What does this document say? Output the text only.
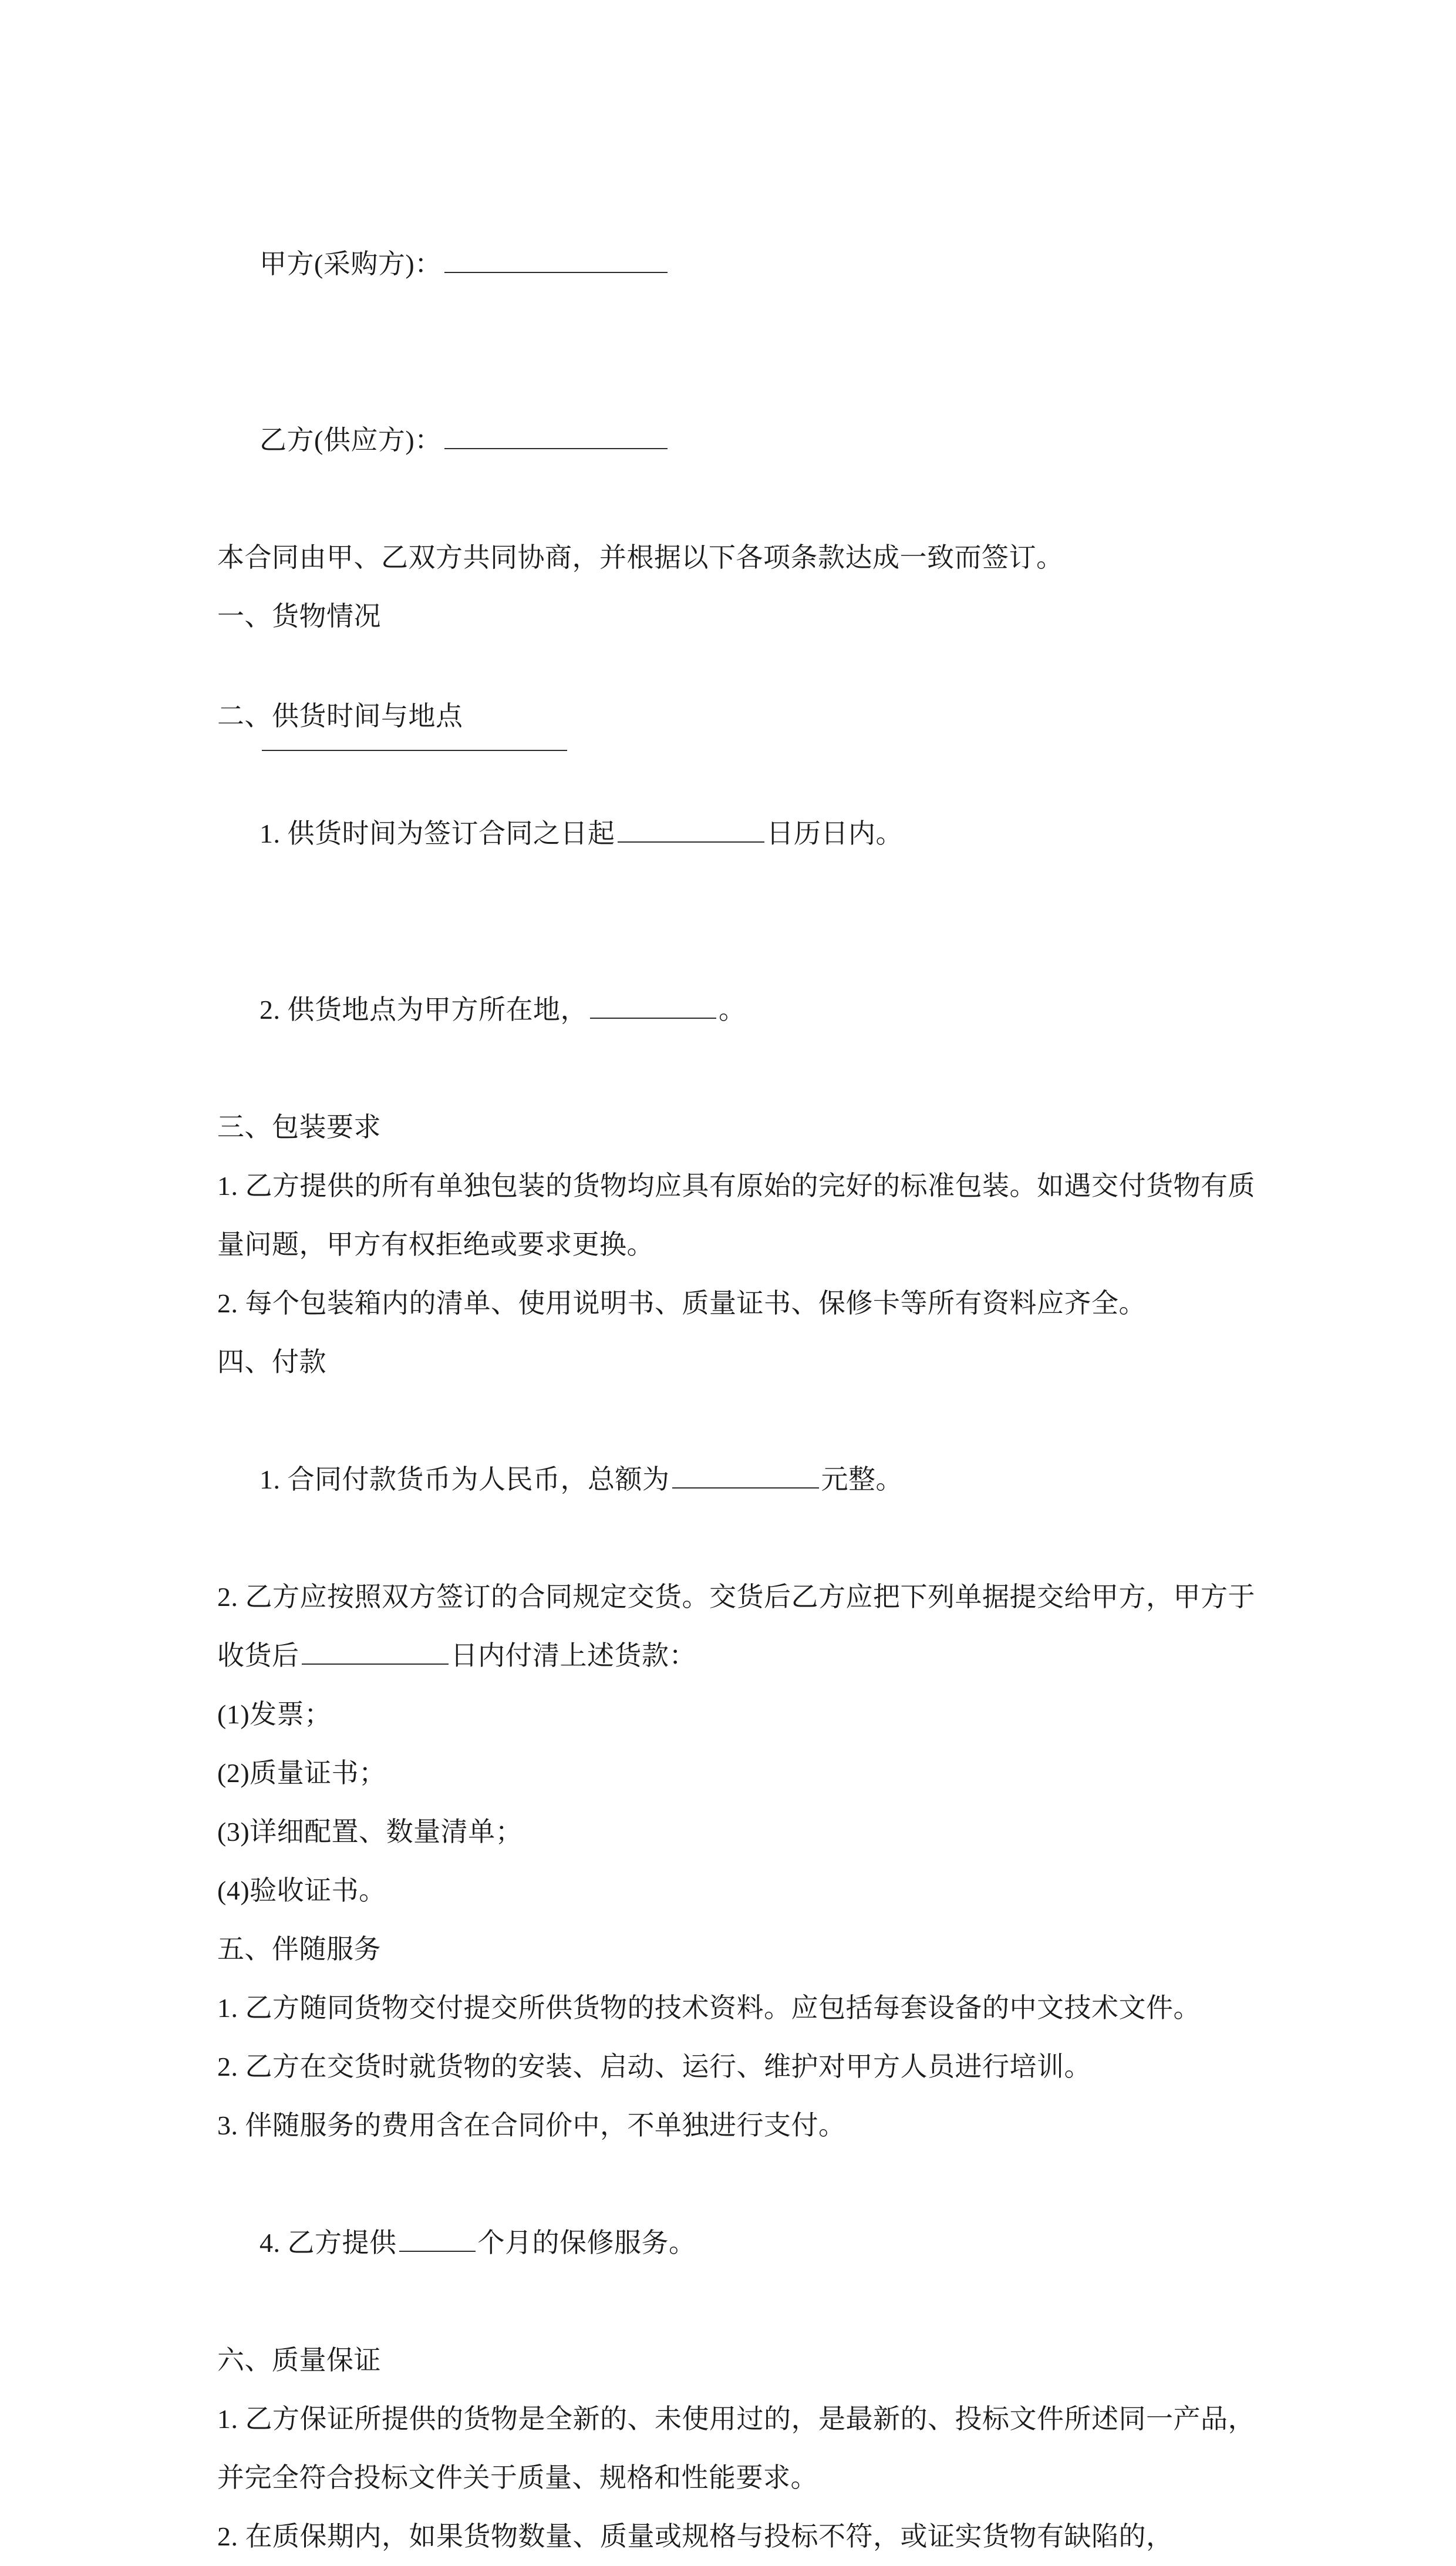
甲方(采购方)：

乙方(供应方)：

本合同由甲、乙双方共同协商，并根据以下各项条款达成一致而签订。
一、货物情况

二、供货时间与地点

1. 供货时间为签订合同之日起	日历日内。

2. 供货地点为甲方所在地，	。

三、包装要求
1. 乙方提供的所有单独包装的货物均应具有原始的完好的标准包装。如遇交付货物有质量问题，甲方有权拒绝或要求更换。
2. 每个包装箱内的清单、使用说明书、质量证书、保修卡等所有资料应齐全。
四、付款

1. 合同付款货币为人民币，总额为	元整。

2. 乙方应按照双方签订的合同规定交货。交货后乙方应把下列单据提交给甲方，甲方于收货后	日内付清上述货款：
(1)发票；
(2)质量证书；
(3)详细配置、数量清单；
(4)验收证书。
五、伴随服务
1. 乙方随同货物交付提交所供货物的技术资料。应包括每套设备的中文技术文件。
2. 乙方在交货时就货物的安装、启动、运行、维护对甲方人员进行培训。
3. 伴随服务的费用含在合同价中，不单独进行支付。

4. 乙方提供	个月的保修服务。

六、质量保证
1. 乙方保证所提供的货物是全新的、未使用过的，是最新的、投标文件所述同一产品，并完全符合投标文件关于质量、规格和性能要求。
2. 在质保期内，如果货物数量、质量或规格与投标不符，或证实货物有缺陷的，
